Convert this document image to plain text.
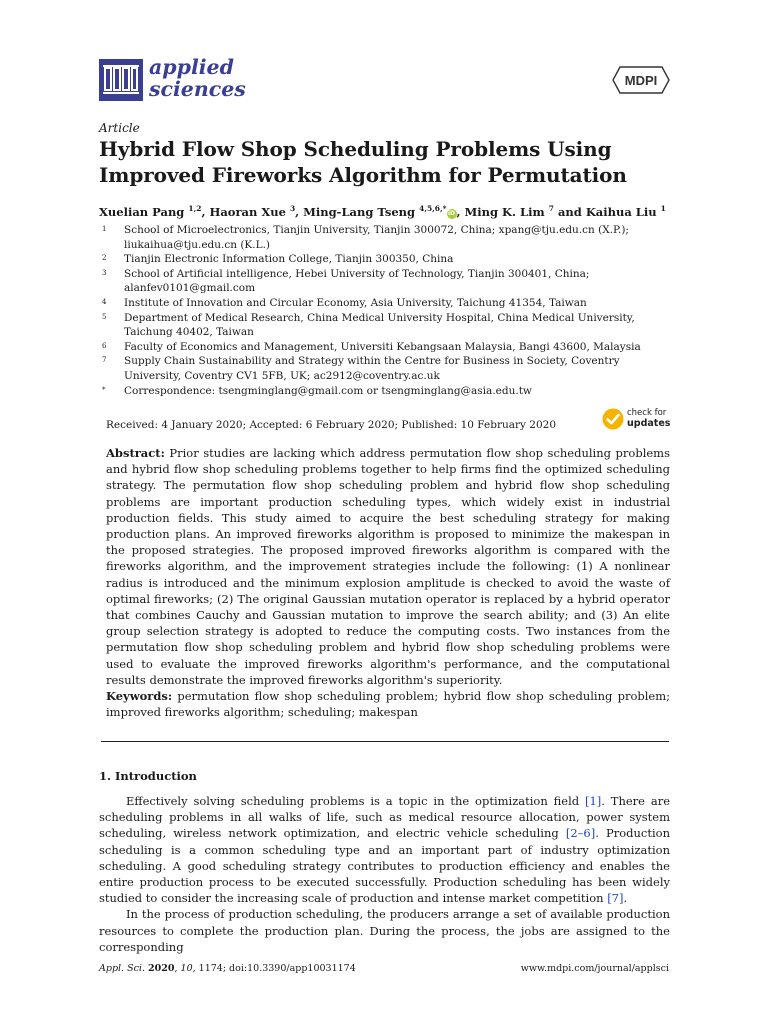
applied
sciences	MDPI
Article
Hybrid Flow Shop Scheduling Problems Using Improved Fireworks Algorithm for Permutation
Xuelian Pang $^{1,2}$, Haoran Xue $^3$, Ming-Lang Tseng $^{4,5,6,*}$iD, Ming K. Lim $^7$ and Kaihua Liu $^1$
1	School of Microelectronics, Tianjin University, Tianjin 300072, China; xpang@tju.edu.cn (X.P.); liukaihua@tju.edu.cn (K.L.)
2	Tianjin Electronic Information College, Tianjin 300350, China
3	School of Artificial intelligence, Hebei University of Technology, Tianjin 300401, China; alanfev0101@gmail.com
4	Institute of Innovation and Circular Economy, Asia University, Taichung 41354, Taiwan
5	Department of Medical Research, China Medical University Hospital, China Medical University, Taichung 40402, Taiwan
6	Faculty of Economics and Management, Universiti Kebangsaan Malaysia, Bangi 43600, Malaysia
7	Supply Chain Sustainability and Strategy within the Centre for Business in Society, Coventry University, Coventry CV1 5FB, UK; ac2912@coventry.ac.uk
*	Correspondence: tsengminglang@gmail.com or tsengminglang@asia.edu.tw
Received: 4 January 2020; Accepted: 6 February 2020; Published: 10 February 2020
check for
updates
Abstract: Prior studies are lacking which address permutation flow shop scheduling problems and hybrid flow shop scheduling problems together to help firms find the optimized scheduling strategy. The permutation flow shop scheduling problem and hybrid flow shop scheduling problems are important production scheduling types, which widely exist in industrial production fields. This study aimed to acquire the best scheduling strategy for making production plans. An improved fireworks algorithm is proposed to minimize the makespan in the proposed strategies. The proposed improved fireworks algorithm is compared with the fireworks algorithm, and the improvement strategies include the following: (1) A nonlinear radius is introduced and the minimum explosion amplitude is checked to avoid the waste of optimal fireworks; (2) The original Gaussian mutation operator is replaced by a hybrid operator that combines Cauchy and Gaussian mutation to improve the search ability; and (3) An elite group selection strategy is adopted to reduce the computing costs. Two instances from the permutation flow shop scheduling problem and hybrid flow shop scheduling problems were used to evaluate the improved fireworks algorithm's performance, and the computational results demonstrate the improved fireworks algorithm's superiority.
Keywords: permutation flow shop scheduling problem; hybrid flow shop scheduling problem; improved fireworks algorithm; scheduling; makespan
1. Introduction

Effectively solving scheduling problems is a topic in the optimization field [1]. There are scheduling problems in all walks of life, such as medical resource allocation, power system scheduling, wireless network optimization, and electric vehicle scheduling [2–6]. Production scheduling is a common scheduling type and an important part of industry optimization scheduling. A good scheduling strategy contributes to production efficiency and enables the entire production process to be executed successfully. Production scheduling has been widely studied to consider the increasing scale of production and intense market competition [7].

In the process of production scheduling, the producers arrange a set of available production resources to complete the production plan. During the process, the jobs are assigned to the corresponding

Appl. Sci. 2020, 10, 1174; doi:10.3390/app10031174	www.mdpi.com/journal/applsci
